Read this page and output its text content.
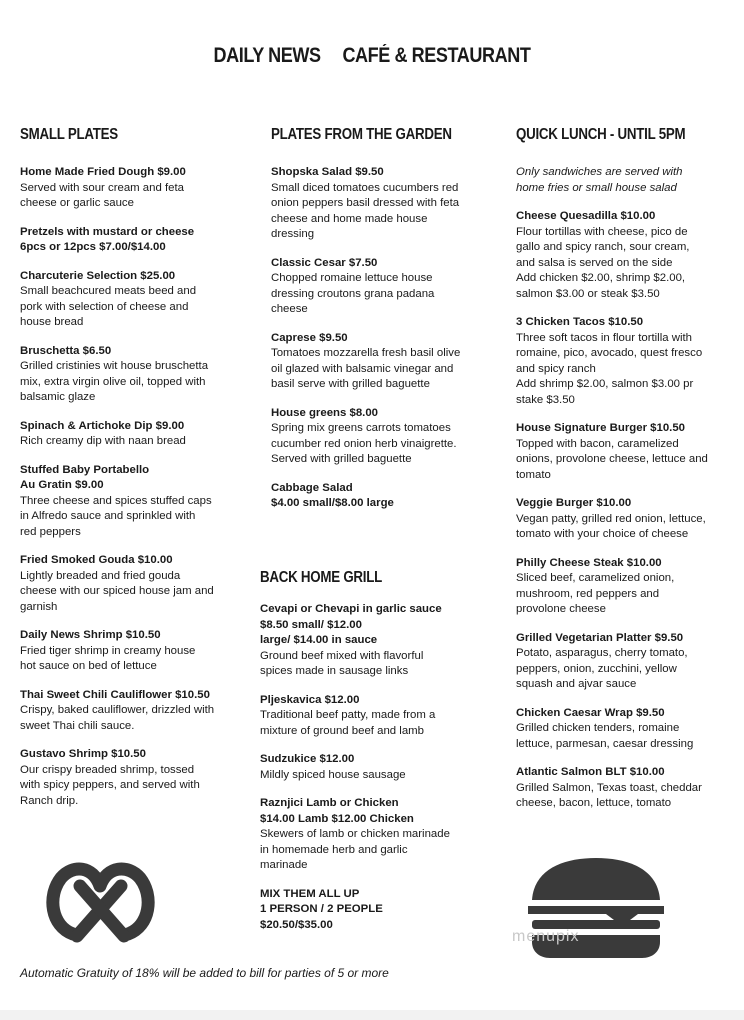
DAILY NEWS CAFÉ & RESTAURANT
SMALL PLATES	PLATES FROM THE GARDEN	QUICK LUNCH - UNTIL 5PM
BACK HOME GRILL
Home Made Fried Dough $9.00
Served with sour cream and feta
cheese or garlic sauce
Pretzels with mustard or cheese
6pcs or 12pcs $7.00/$14.00
Charcuterie Selection $25.00
Small beachcured meats beed and
pork with selection of cheese and
house bread
Bruschetta $6.50
Grilled cristinies wit house bruschetta
mix, extra virgin olive oil, topped with
balsamic glaze
Spinach & Artichoke Dip $9.00
Rich creamy dip with naan bread
Stuffed Baby Portabello
Au Gratin $9.00
Three cheese and spices stuffed caps
in Alfredo sauce and sprinkled with
red peppers
Fried Smoked Gouda $10.00
Lightly breaded and fried gouda
cheese with our spiced house jam and
garnish
Daily News Shrimp $10.50
Fried tiger shrimp in creamy house
hot sauce on bed of lettuce
Thai Sweet Chili Cauliflower $10.50
Crispy, baked cauliflower, drizzled with
sweet Thai chili sauce.
Gustavo Shrimp $10.50
Our crispy breaded shrimp, tossed
with spicy peppers, and served with
Ranch drip.
Shopska Salad $9.50
Small diced tomatoes cucumbers red
onion peppers basil dressed with feta
cheese and home made house
dressing
Classic Cesar $7.50
Chopped romaine lettuce house
dressing croutons grana padana
cheese
Caprese $9.50
Tomatoes mozzarella fresh basil olive
oil glazed with balsamic vinegar and
basil serve with grilled baguette
House greens $8.00
Spring mix greens carrots tomatoes
cucumber red onion herb vinaigrette.
Served with grilled baguette
Cabbage Salad
$4.00 small/$8.00 large
Cevapi or Chevapi in garlic sauce
$8.50 small/ $12.00
large/ $14.00 in sauce
Ground beef mixed with flavorful
spices made in sausage links
Pljeskavica $12.00
Traditional beef patty, made from a
mixture of ground beef and lamb
Sudzukice $12.00
Mildly spiced house sausage
Raznjici Lamb or Chicken
$14.00 Lamb $12.00 Chicken
Skewers of lamb or chicken marinade
in homemade herb and garlic
marinade
MIX THEM ALL UP
1 PERSON / 2 PEOPLE
$20.50/$35.00
Only sandwiches are served with
home fries or small house salad
Cheese Quesadilla $10.00
Flour tortillas with cheese, pico de
gallo and spicy ranch, sour cream,
and salsa is served on the side
Add chicken $2.00, shrimp $2.00,
salmon $3.00 or steak $3.50
3 Chicken Tacos $10.50
Three soft tacos in flour tortilla with
romaine, pico, avocado, quest fresco
and spicy ranch
Add shrimp $2.00, salmon $3.00 pr
stake $3.50
House Signature Burger $10.50
Topped with bacon, caramelized
onions, provolone cheese, lettuce and
tomato
Veggie Burger $10.00
Vegan patty, grilled red onion, lettuce,
tomato with your choice of cheese
Philly Cheese Steak $10.00
Sliced beef, caramelized onion,
mushroom, red peppers and
provolone cheese
Grilled Vegetarian Platter $9.50
Potato, asparagus, cherry tomato,
peppers, onion, zucchini, yellow
squash and ajvar sauce
Chicken Caesar Wrap $9.50
Grilled chicken tenders, romaine
lettuce, parmesan, caesar dressing
Atlantic Salmon BLT $10.00
Grilled Salmon, Texas toast, cheddar
cheese, bacon, lettuce, tomato
menupix
Automatic Gratuity of 18% will be added to bill for parties of 5 or more
